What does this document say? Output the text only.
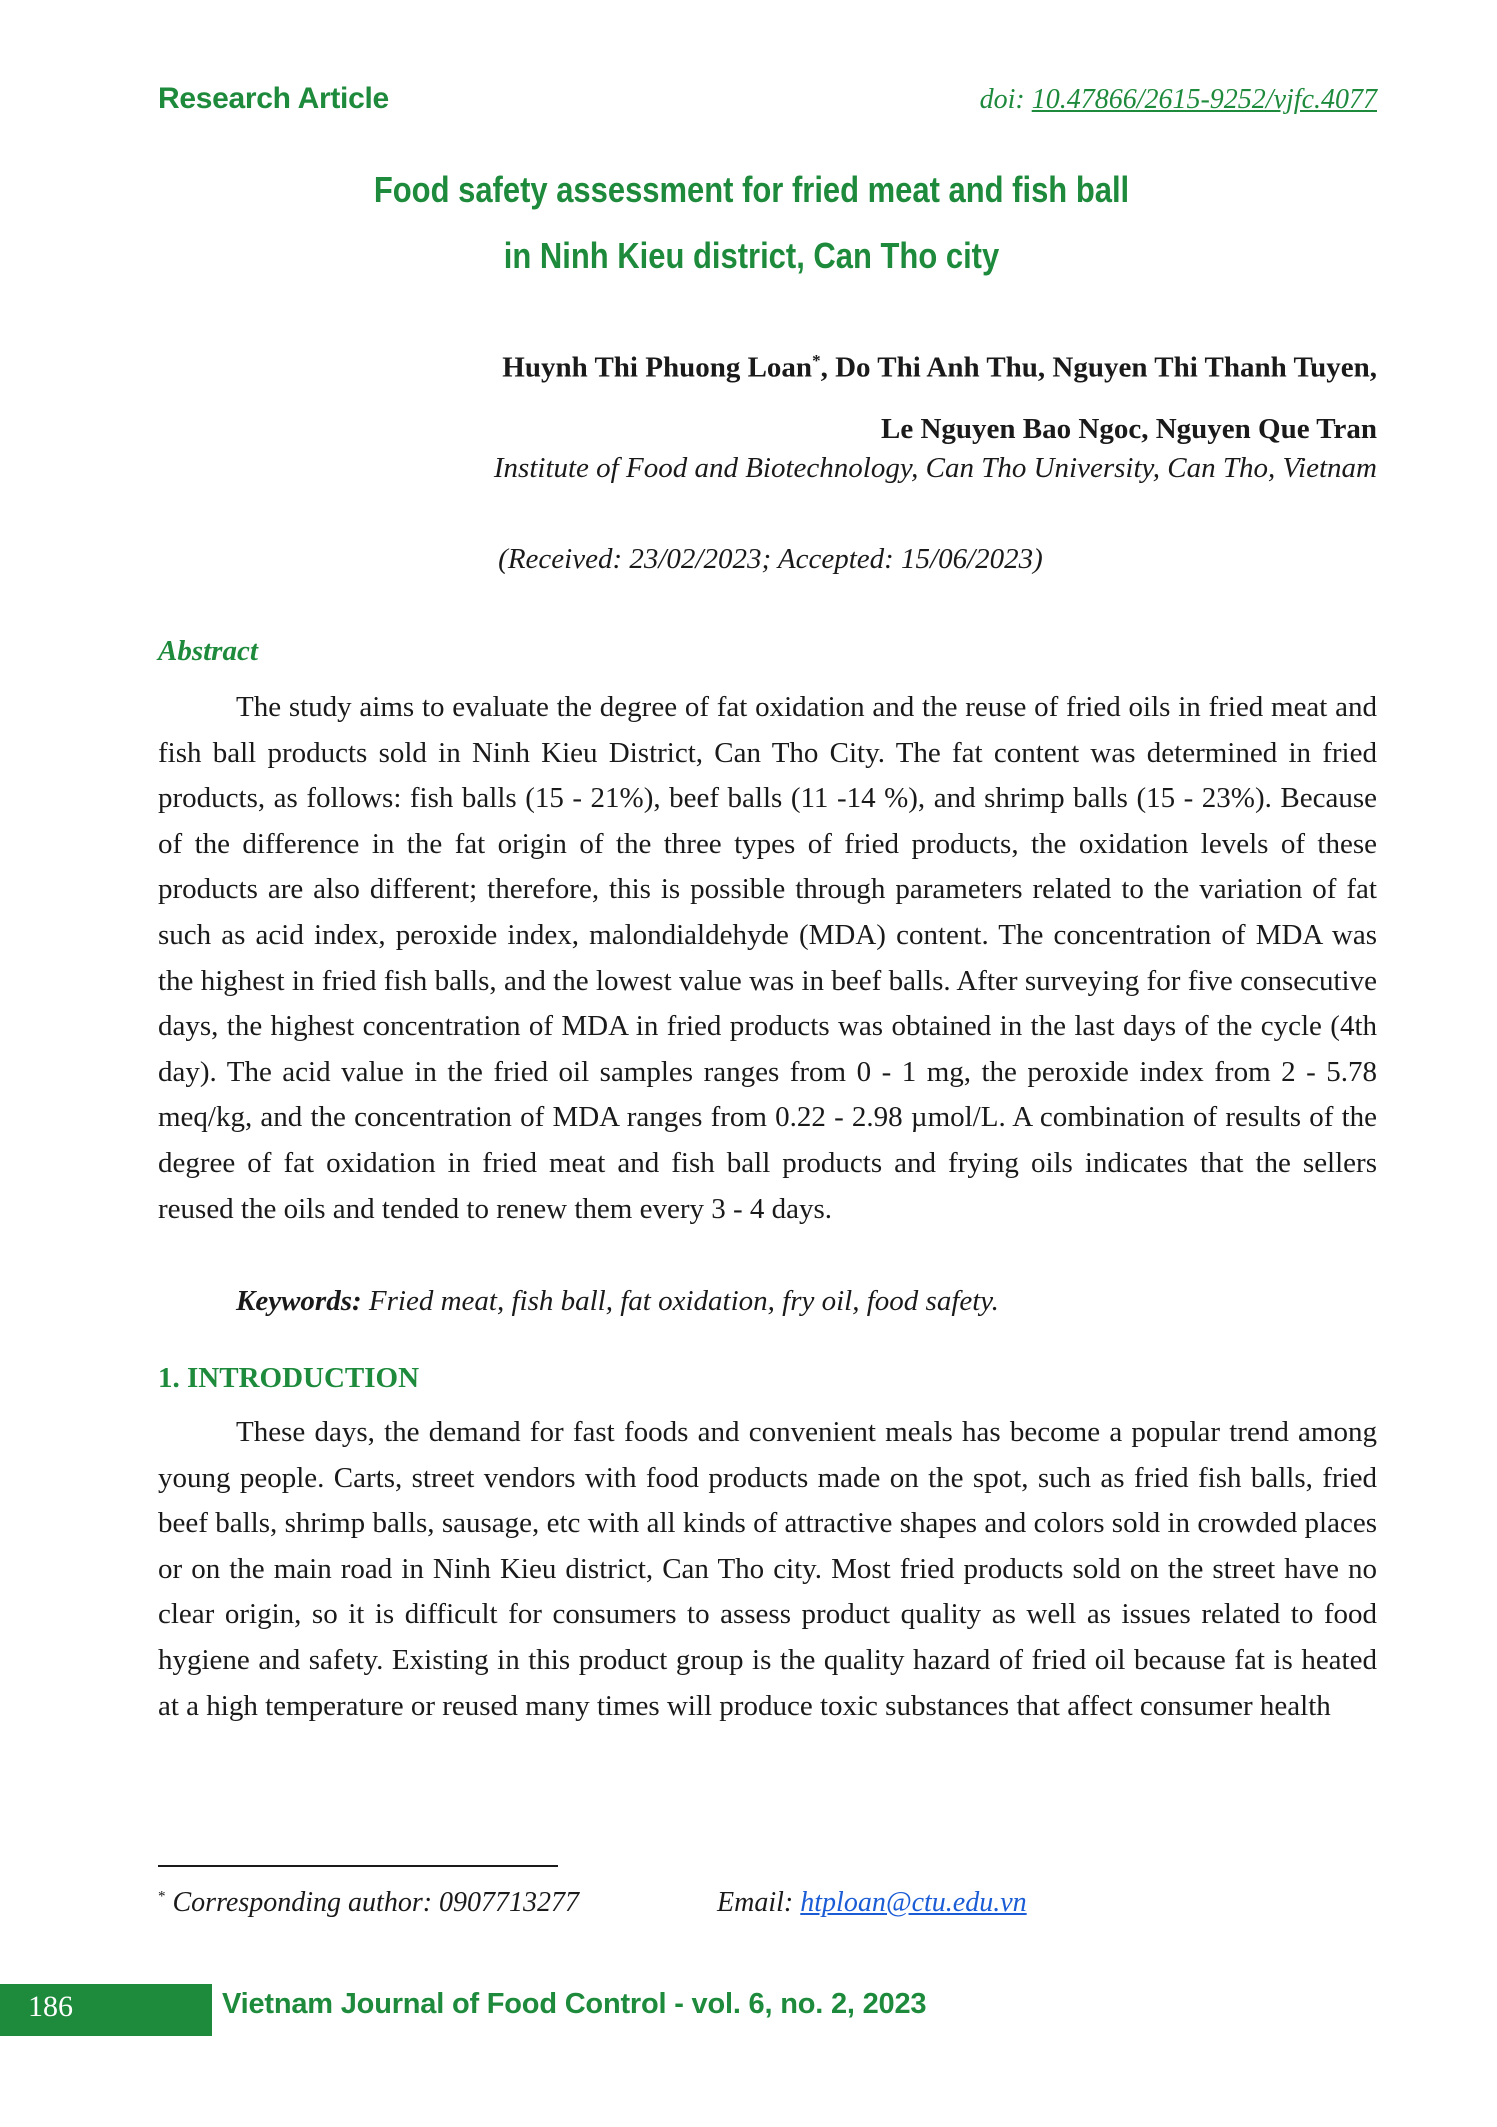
Research Article	doi: 10.47866/2615-9252/vjfc.4077
Food safety assessment for fried meat and fish ball
in Ninh Kieu district, Can Tho city
Huynh Thi Phuong Loan*, Do Thi Anh Thu, Nguyen Thi Thanh Tuyen,
Le Nguyen Bao Ngoc, Nguyen Que Tran
Institute of Food and Biotechnology, Can Tho University, Can Tho, Vietnam
(Received: 23/02/2023; Accepted: 15/06/2023)
Abstract
The study aims to evaluate the degree of fat oxidation and the reuse of fried oils in fried meat and fish ball products sold in Ninh Kieu District, Can Tho City. The fat content was determined in fried products, as follows: fish balls (15 - 21%), beef balls (11 -14 %), and shrimp balls (15 - 23%). Because of the difference in the fat origin of the three types of fried products, the oxidation levels of these products are also different; therefore, this is possible through parameters related to the variation of fat such as acid index, peroxide index, malondialdehyde (MDA) content. The concentration of MDA was the highest in fried fish balls, and the lowest value was in beef balls. After surveying for five consecutive days, the highest concentration of MDA in fried products was obtained in the last days of the cycle (4th day). The acid value in the fried oil samples ranges from 0 - 1 mg, the peroxide index from 2 - 5.78 meq/kg, and the concentration of MDA ranges from 0.22 - 2.98 µmol/L. A combination of results of the degree of fat oxidation in fried meat and fish ball products and frying oils indicates that the sellers reused the oils and tended to renew them every 3 - 4 days.
Keywords: Fried meat, fish ball, fat oxidation, fry oil, food safety.
1. INTRODUCTION
These days, the demand for fast foods and convenient meals has become a popular trend among young people. Carts, street vendors with food products made on the spot, such as fried fish balls, fried beef balls, shrimp balls, sausage, etc with all kinds of attractive shapes and colors sold in crowded places or on the main road in Ninh Kieu district, Can Tho city. Most fried products sold on the street have no clear origin, so it is difficult for consumers to assess product quality as well as issues related to food hygiene and safety. Existing in this product group is the quality hazard of fried oil because fat is heated at a high temperature or reused many times will produce toxic substances that affect consumer health
* Corresponding author: 0907713277	Email: htploan@ctu.edu.vn
186	Vietnam Journal of Food Control - vol. 6, no. 2, 2023
